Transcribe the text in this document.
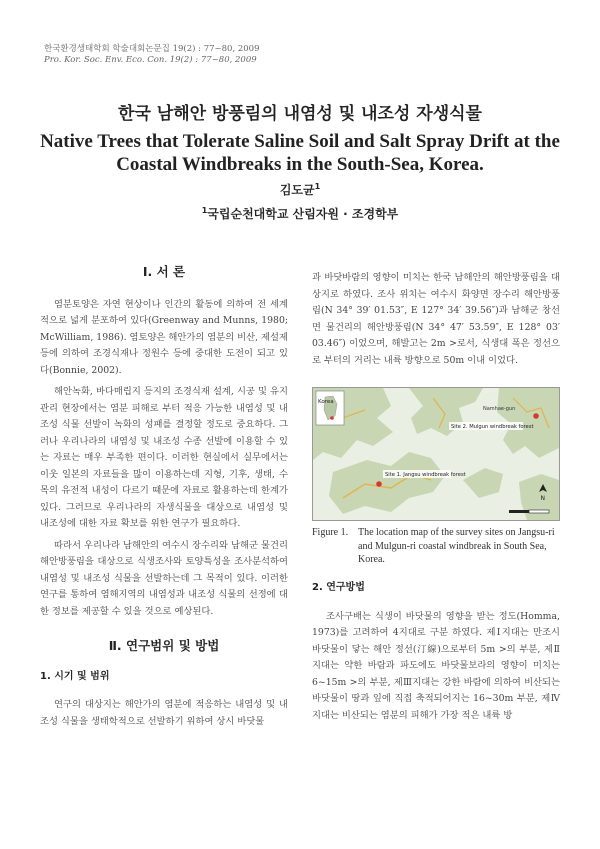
한국환경생태학회 학술대회논문집 19(2) : 77~80, 2009
Pro. Kor. Soc. Env. Eco. Con. 19(2) : 77~80, 2009
한국 남해안 방풍림의 내염성 및 내조성 자생식물
Native Trees that Tolerate Saline Soil and Salt Spray Drift at the Coastal Windbreaks in the South-Sea, Korea.
김도균$^1$
$^1$국립순천대학교 산림자원 · 조경학부
Ⅰ. 서 론

염분토양은 자연 현상이나 인간의 활동에 의하여 전 세계적으로 넓게 분포하여 있다(Greenway and Munns, 1980; McWilliam, 1986). 염토양은 해안가의 염분의 비산, 제설제 등에 의하여 조경식재나 정원수 등에 중대한 도전이 되고 있다(Bonnie, 2002).

해안녹화, 바다매립지 등지의 조경식재 설계, 시공 및 유지관리 현장에서는 염분 피해로 부터 적응 가능한 내염성 및 내조성 식물 선발이 녹화의 성패를 결정할 정도로 중요하다. 그러나 우리나라의 내염성 및 내조성 수종 선발에 이용할 수 있는 자료는 매우 부족한 편이다. 이러한 현실에서 실무에서는 이웃 일본의 자료들을 많이 이용하는데 지형, 기후, 생태, 수목의 유전적 내성이 다르기 때문에 자료로 활용하는데 한계가 있다. 그러므로 우리나라의 자생식물을 대상으로 내염성 및 내조성에 대한 자료 확보를 위한 연구가 필요하다.

따라서 우리나라 남해안의 여수시 장수리와 남해군 물건리 해안방풍림을 대상으로 식생조사와 토양특성을 조사분석하여 내염성 및 내조성 식물을 선발하는데 그 목적이 있다. 이러한 연구를 통하여 염해지역의 내염성과 내조성 식물의 선정에 대한 정보를 제공할 수 있을 것으로 예상된다.

Ⅱ. 연구범위 및 방법
1. 시기 및 범위

연구의 대상지는 해안가의 염분에 적응하는 내염성 및 내조성 식물을 생태학적으로 선발하기 위하여 상시 바닷물

과 바닷바람의 영향이 미치는 한국 남해안의 해안방풍림을 대상지로 하였다. 조사 위치는 여수시 화양면 장수리 해안방풍림(N 34° 39′ 01.53″, E 127° 34′ 39.56″)과 남해군 창선면 물건리의 해안방풍림(N 34° 47′ 53.59″, E 128° 03′ 03.46″) 이었으며, 해발고는 2m >로서, 식생대 폭은 정선으로 부터의 거리는 내륙 방향으로 50m 이내 이었다.

Korea
Site 1. Jangsu windbreak forest
Site 2. Mulgun windbreak forest
Namhae-gun
N
Figure 1. The location map of the survey sites on Jangsu-ri and Mulgun-ri coastal windbreak in South Sea, Korea.
2. 연구방법

조사구배는 식생이 바닷물의 영향을 받는 정도(Homma, 1973)를 고려하여 4지대로 구분 하였다. 제Ⅰ지대는 만조시 바닷물이 닿는 해안 정선(汀線)으로부터 5m >의 부분, 제Ⅱ지대는 약한 바람과 파도에도 바닷물보라의 영향이 미치는 6~15m >의 부분, 제Ⅲ지대는 강한 바람에 의하여 비산되는 바닷물이 땅과 잎에 직접 축적되어지는 16~30m 부분, 제Ⅳ지대는 비산되는 염분의 피해가 가장 적은 내륙 방
